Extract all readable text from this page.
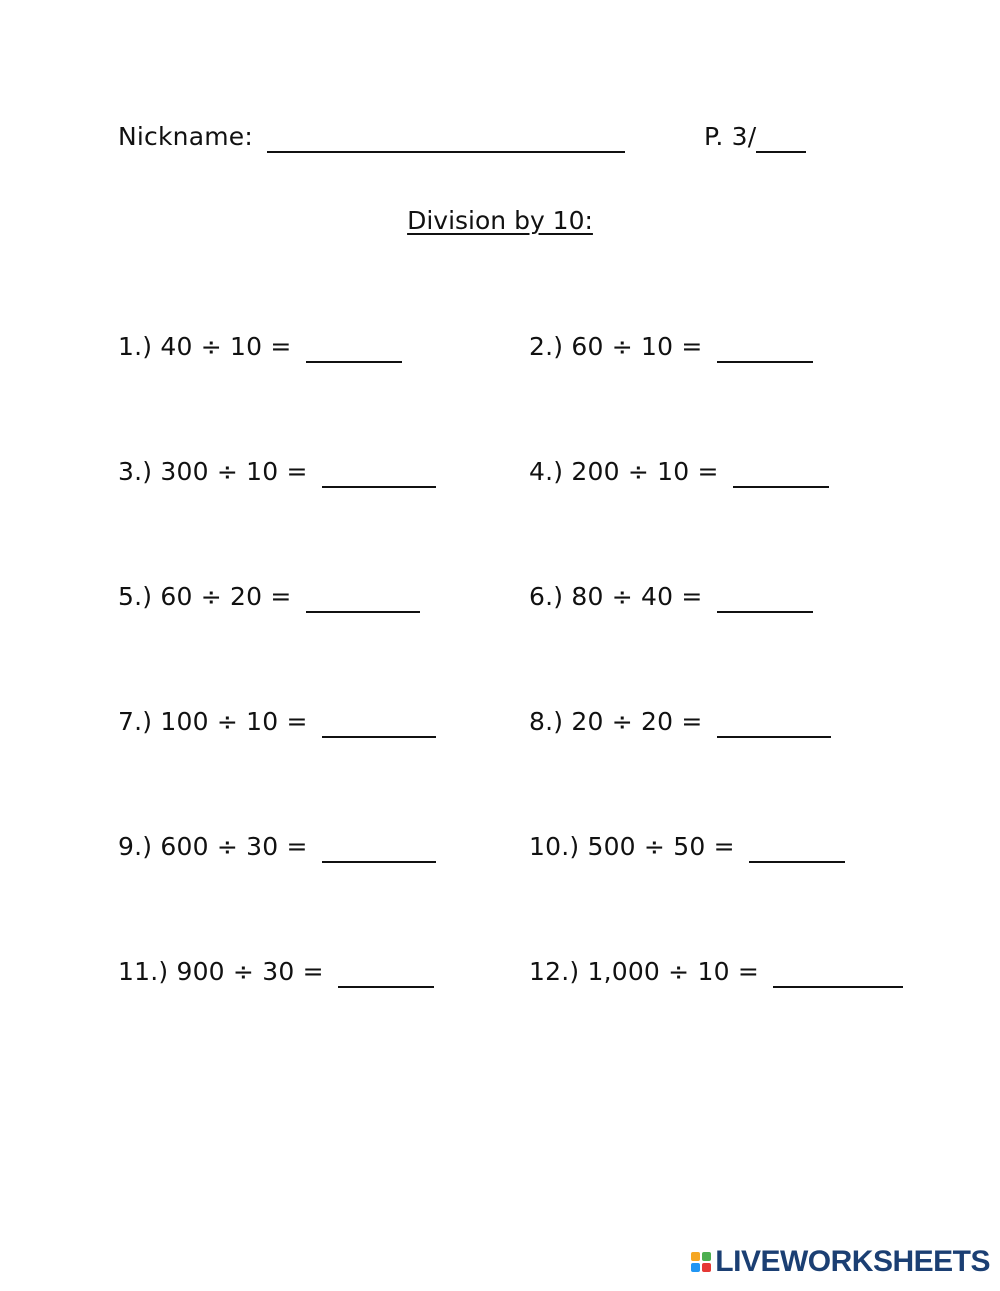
Nickname:	P. 3/
Division by 10:
1.) 40 ÷ 10 =	2.) 60 ÷ 10 =
3.) 300 ÷ 10 =	4.) 200 ÷ 10 =
5.) 60 ÷ 20 =	6.) 80 ÷ 40 =
7.) 100 ÷ 10 =	8.) 20 ÷ 20 =
9.) 600 ÷ 30 =	10.) 500 ÷ 50 =
11.) 900 ÷ 30 =	12.) 1,000 ÷ 10 =
LIVEWORKSHEETS
